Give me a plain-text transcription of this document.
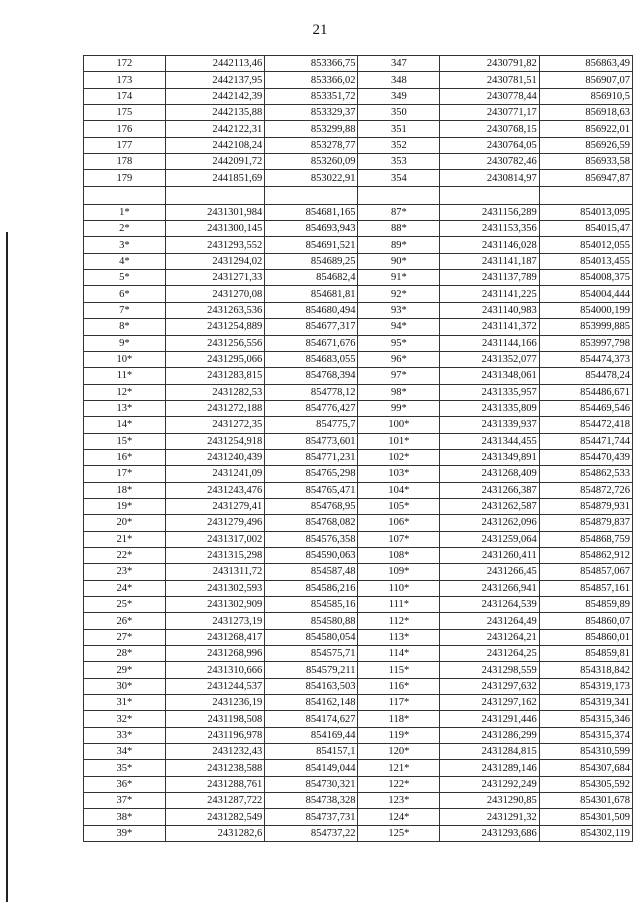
21
172	2442113,46	853366,75	347	2430791,82	856863,49
173	2442137,95	853366,02	348	2430781,51	856907,07
174	2442142,39	853351,72	349	2430778,44	856910,5
175	2442135,88	853329,37	350	2430771,17	856918,63
176	2442122,31	853299,88	351	2430768,15	856922,01
177	2442108,24	853278,77	352	2430764,05	856926,59
178	2442091,72	853260,09	353	2430782,46	856933,58
179	2441851,69	853022,91	354	2430814,97	856947,87

1*	2431301,984	854681,165	87*	2431156,289	854013,095
2*	2431300,145	854693,943	88*	2431153,356	854015,47
3*	2431293,552	854691,521	89*	2431146,028	854012,055
4*	2431294,02	854689,25	90*	2431141,187	854013,455
5*	2431271,33	854682,4	91*	2431137,789	854008,375
6*	2431270,08	854681,81	92*	2431141,225	854004,444
7*	2431263,536	854680,494	93*	2431140,983	854000,199
8*	2431254,889	854677,317	94*	2431141,372	853999,885
9*	2431256,556	854671,676	95*	2431144,166	853997,798
10*	2431295,066	854683,055	96*	2431352,077	854474,373
11*	2431283,815	854768,394	97*	2431348,061	854478,24
12*	2431282,53	854778,12	98*	2431335,957	854486,671
13*	2431272,188	854776,427	99*	2431335,809	854469,546
14*	2431272,35	854775,7	100*	2431339,937	854472,418
15*	2431254,918	854773,601	101*	2431344,455	854471,744
16*	2431240,439	854771,231	102*	2431349,891	854470,439
17*	2431241,09	854765,298	103*	2431268,409	854862,533
18*	2431243,476	854765,471	104*	2431266,387	854872,726
19*	2431279,41	854768,95	105*	2431262,587	854879,931
20*	2431279,496	854768,082	106*	2431262,096	854879,837
21*	2431317,002	854576,358	107*	2431259,064	854868,759
22*	2431315,298	854590,063	108*	2431260,411	854862,912
23*	2431311,72	854587,48	109*	2431266,45	854857,067
24*	2431302,593	854586,216	110*	2431266,941	854857,161
25*	2431302,909	854585,16	111*	2431264,539	854859,89
26*	2431273,19	854580,88	112*	2431264,49	854860,07
27*	2431268,417	854580,054	113*	2431264,21	854860,01
28*	2431268,996	854575,71	114*	2431264,25	854859,81
29*	2431310,666	854579,211	115*	2431298,559	854318,842
30*	2431244,537	854163,503	116*	2431297,632	854319,173
31*	2431236,19	854162,148	117*	2431297,162	854319,341
32*	2431198,508	854174,627	118*	2431291,446	854315,346
33*	2431196,978	854169,44	119*	2431286,299	854315,374
34*	2431232,43	854157,1	120*	2431284,815	854310,599
35*	2431238,588	854149,044	121*	2431289,146	854307,684
36*	2431288,761	854730,321	122*	2431292,249	854305,592
37*	2431287,722	854738,328	123*	2431290,85	854301,678
38*	2431282,549	854737,731	124*	2431291,32	854301,509
39*	2431282,6	854737,22	125*	2431293,686	854302,119
